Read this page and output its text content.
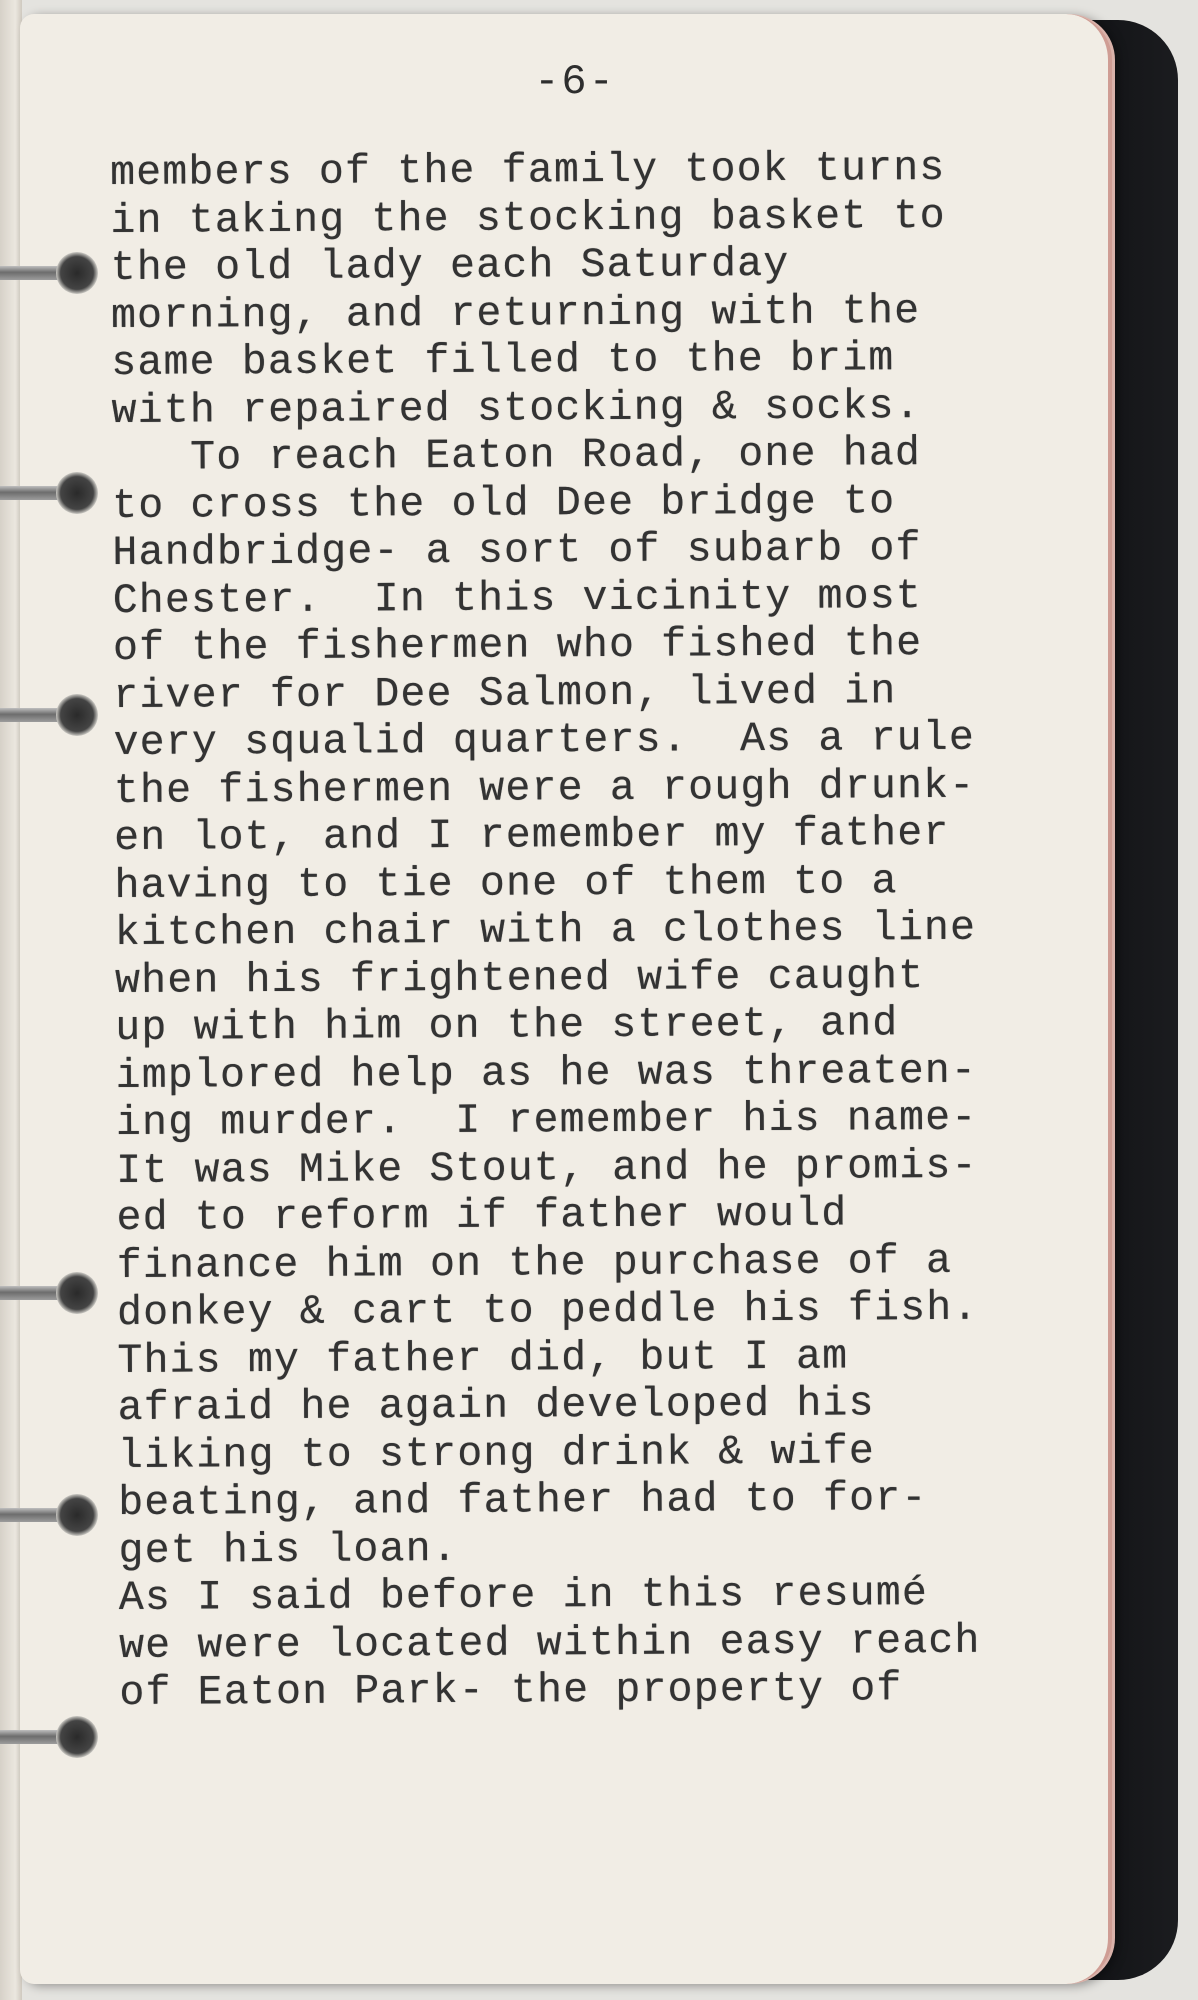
-6-
members of the family took turns
in taking the stocking basket to
the old lady each Saturday
morning, and returning with the
same basket filled to the brim
with repaired stocking & socks.
To reach Eaton Road, one had
to cross the old Dee bridge to
Handbridge- a sort of subarb of
Chester.  In this vicinity most
of the fishermen who fished the
river for Dee Salmon, lived in
very squalid quarters.  As a rule
the fishermen were a rough drunk-
en lot, and I remember my father
having to tie one of them to a
kitchen chair with a clothes line
when his frightened wife caught
up with him on the street, and
implored help as he was threaten-
ing murder.  I remember his name-
It was Mike Stout, and he promis-
ed to reform if father would
finance him on the purchase of a
donkey & cart to peddle his fish.
This my father did, but I am
afraid he again developed his
liking to strong drink & wife
beating, and father had to for-
get his loan.
As I said before in this resumé
we were located within easy reach
of Eaton Park- the property of
